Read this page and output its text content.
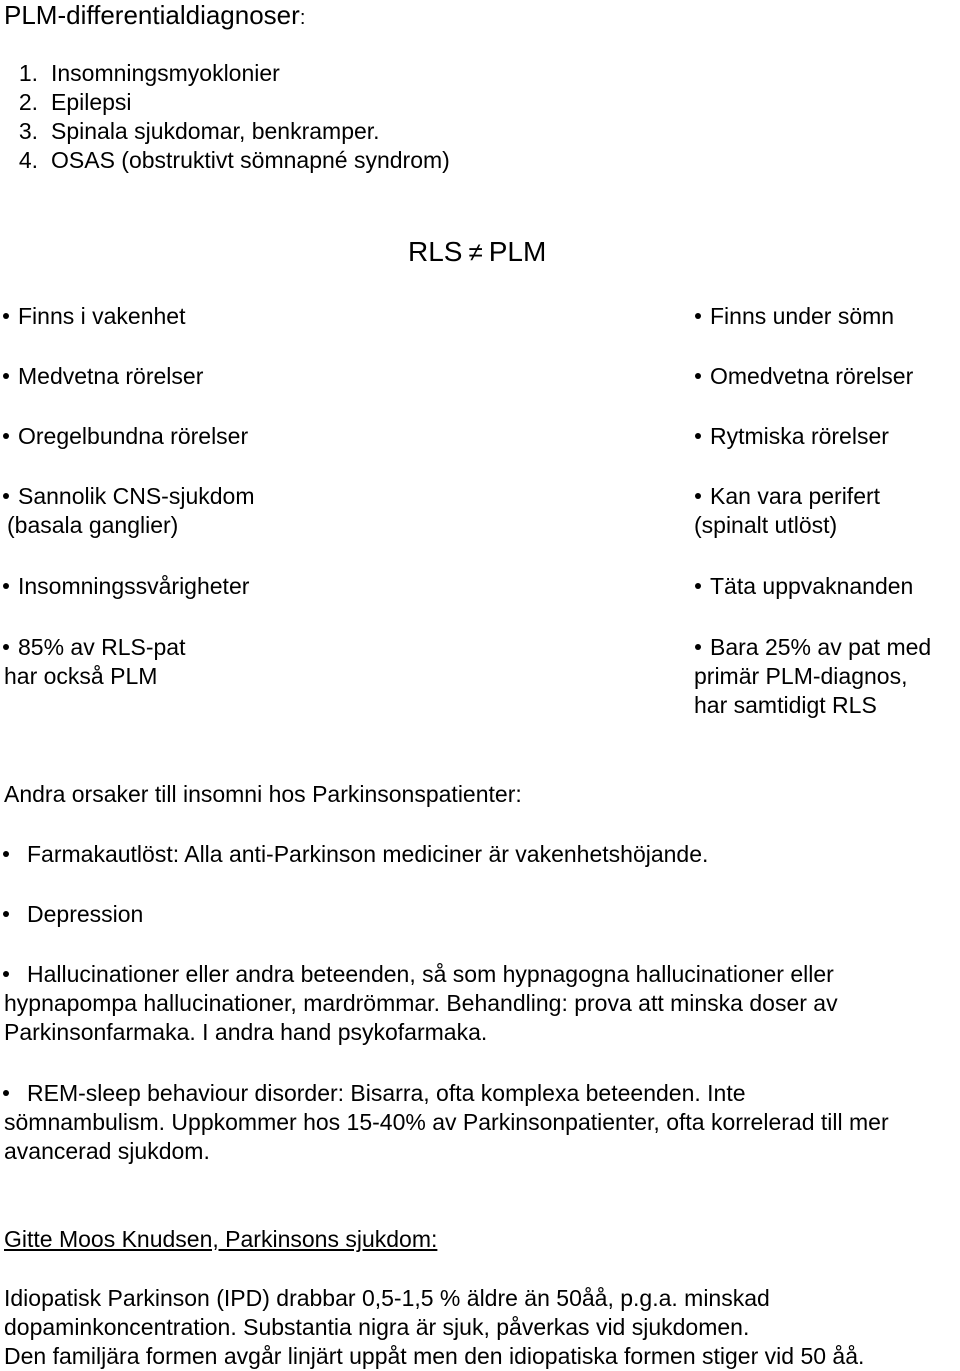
PLM-differentialdiagnoser:
1. Insomningsmyoklonier
2. Epilepsi
3. Spinala sjukdomar, benkramper.
4. OSAS (obstruktivt sömnapné syndrom)
RLS ≠ PLM
Finns i vakenhet
Medvetna rörelser
Oregelbundna rörelser
Sannolik CNS-sjukdom
(basala ganglier)
Insomningssvårigheter
85% av RLS-pat
har också PLM
Finns under sömn
Omedvetna rörelser
Rytmiska rörelser
Kan vara perifert
(spinalt utlöst)
Täta uppvaknanden
Bara 25% av pat med
primär PLM-diagnos,
har samtidigt RLS
Andra orsaker till insomni hos Parkinsonspatienter:
Farmakautlöst: Alla anti-Parkinson mediciner är vakenhetshöjande.
Depression
Hallucinationer eller andra beteenden, så som hypnagogna hallucinationer eller
hypnapompa hallucinationer, mardrömmar. Behandling: prova att minska doser av Parkinsonfarmaka. I andra hand psykofarmaka.
REM-sleep behaviour disorder: Bisarra, ofta komplexa beteenden. Inte
sömnambulism. Uppkommer hos 15-40% av Parkinsonpatienter, ofta korrelerad till mer avancerad sjukdom.
Gitte Moos Knudsen, Parkinsons sjukdom:
Idiopatisk Parkinson (IPD) drabbar 0,5-1,5 % äldre än 50åå, p.g.a. minskad dopaminkoncentration. Substantia nigra är sjuk, påverkas vid sjukdomen.
Den familjära formen avgår linjärt uppåt men den idiopatiska formen stiger vid 50 åå.
